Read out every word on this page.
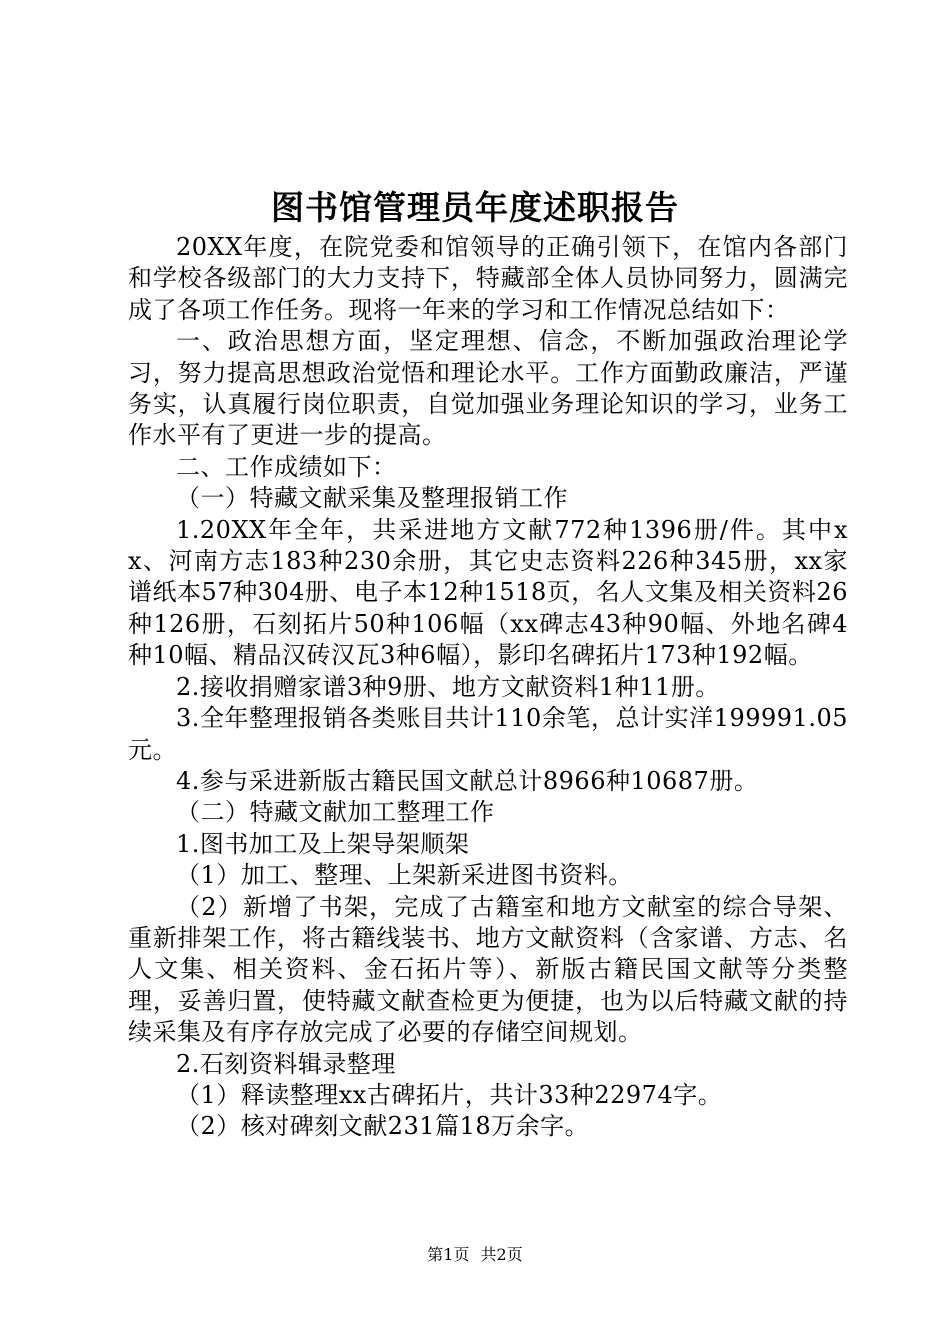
图书馆管理员年度述职报告

20XX年度，在院党委和馆领导的正确引领下，在馆内各部门和学校各级部门的大力支持下，特藏部全体人员协同努力，圆满完成了各项工作任务。现将一年来的学习和工作情况总结如下：

一、政治思想方面，坚定理想、信念，不断加强政治理论学习，努力提高思想政治觉悟和理论水平。工作方面勤政廉洁，严谨务实，认真履行岗位职责，自觉加强业务理论知识的学习，业务工作水平有了更进一步的提高。

二、工作成绩如下：

（一）特藏文献采集及整理报销工作

1.20XX年全年，共采进地方文献772种1396册/件。其中xx、河南方志183种230余册，其它史志资料226种345册，xx家谱纸本57种304册、电子本12种1518页，名人文集及相关资料26种126册，石刻拓片50种106幅（xx碑志43种90幅、外地名碑4种10幅、精品汉砖汉瓦3种6幅），影印名碑拓片173种192幅。

2.接收捐赠家谱3种9册、地方文献资料1种11册。

3.全年整理报销各类账目共计110余笔，总计实洋199991.05元。

4.参与采进新版古籍民国文献总计8966种10687册。

（二）特藏文献加工整理工作

1.图书加工及上架导架顺架

（1）加工、整理、上架新采进图书资料。

（2）新增了书架，完成了古籍室和地方文献室的综合导架、重新排架工作，将古籍线装书、地方文献资料（含家谱、方志、名人文集、相关资料、金石拓片等）、新版古籍民国文献等分类整理，妥善归置，使特藏文献查检更为便捷，也为以后特藏文献的持续采集及有序存放完成了必要的存储空间规划。

2.石刻资料辑录整理

（1）释读整理xx古碑拓片，共计33种22974字。

（2）核对碑刻文献231篇18万余字。

第1页 共2页
